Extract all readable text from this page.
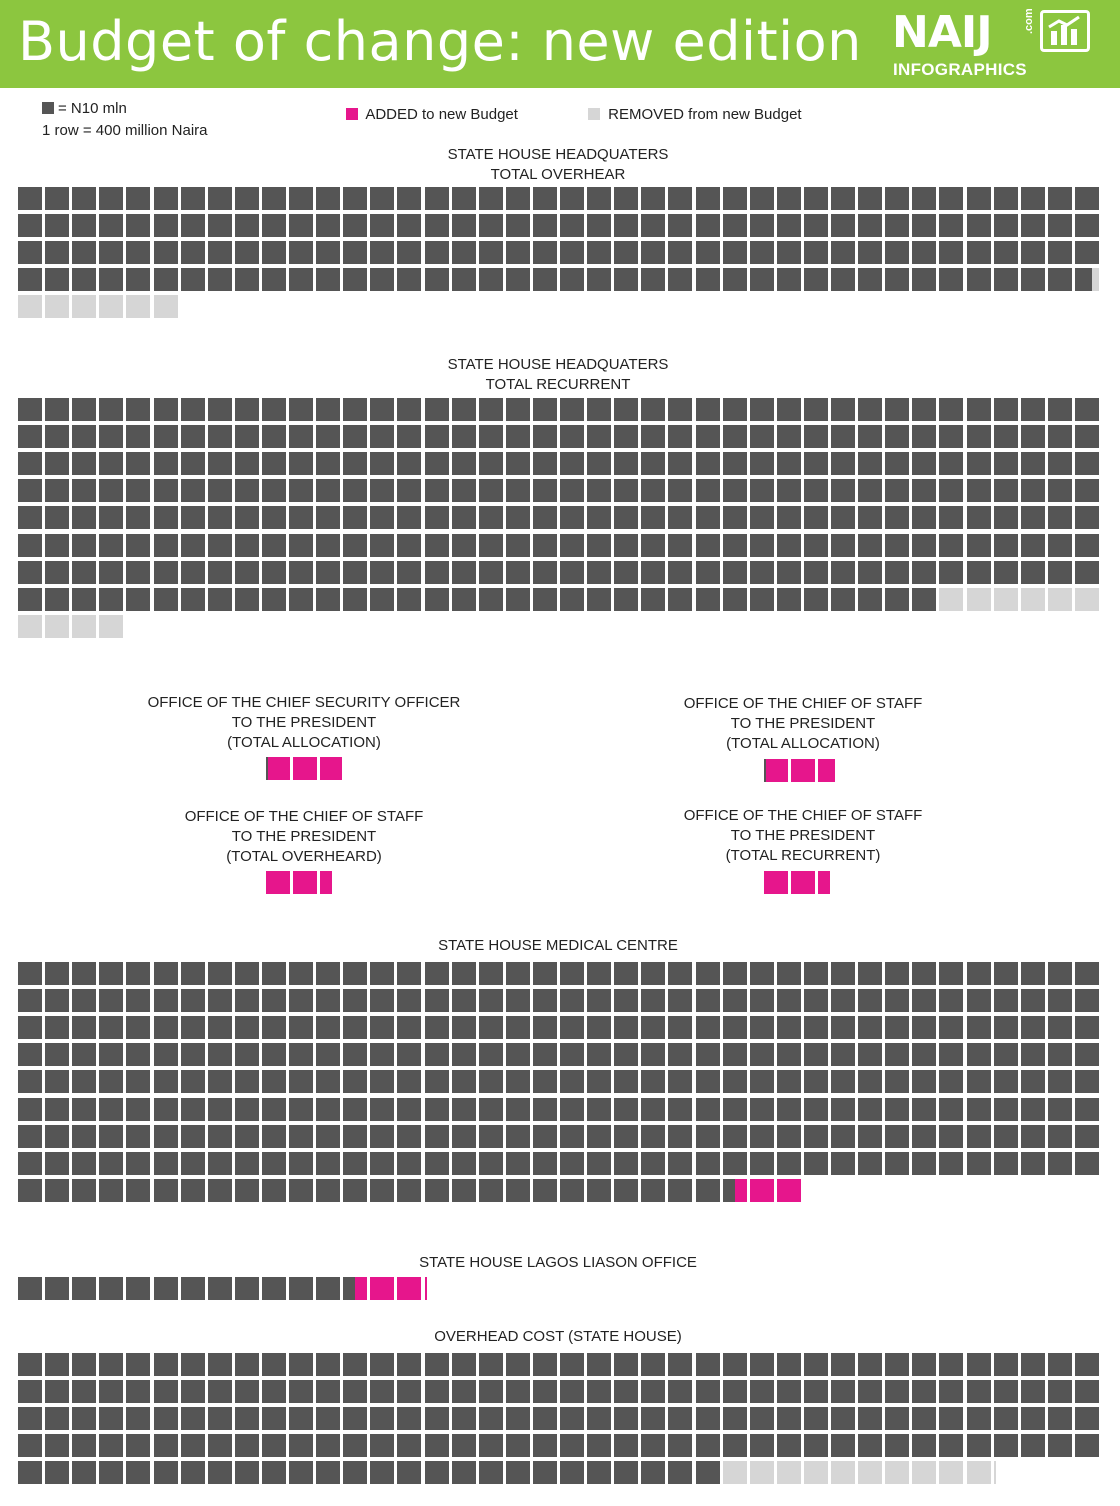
Budget of change: new edition NAIJ	.com
INFOGRAPHICS
= N10 mln
1 row = 400 million Naira
ADDED to new Budget	REMOVED from new Budget
STATE HOUSE HEADQUATERS
TOTAL OVERHEAR
STATE HOUSE HEADQUATERS
TOTAL RECURRENT
OFFICE OF THE CHIEF SECURITY OFFICER
TO THE PRESIDENT
(TOTAL ALLOCATION)
OFFICE OF THE CHIEF OF STAFF
TO THE PRESIDENT
(TOTAL ALLOCATION)
OFFICE OF THE CHIEF OF STAFF
TO THE PRESIDENT
(TOTAL OVERHEARD)
OFFICE OF THE CHIEF OF STAFF
TO THE PRESIDENT
(TOTAL RECURRENT)
STATE HOUSE MEDICAL CENTRE
STATE HOUSE LAGOS LIASON OFFICE
OVERHEAD COST (STATE HOUSE)
